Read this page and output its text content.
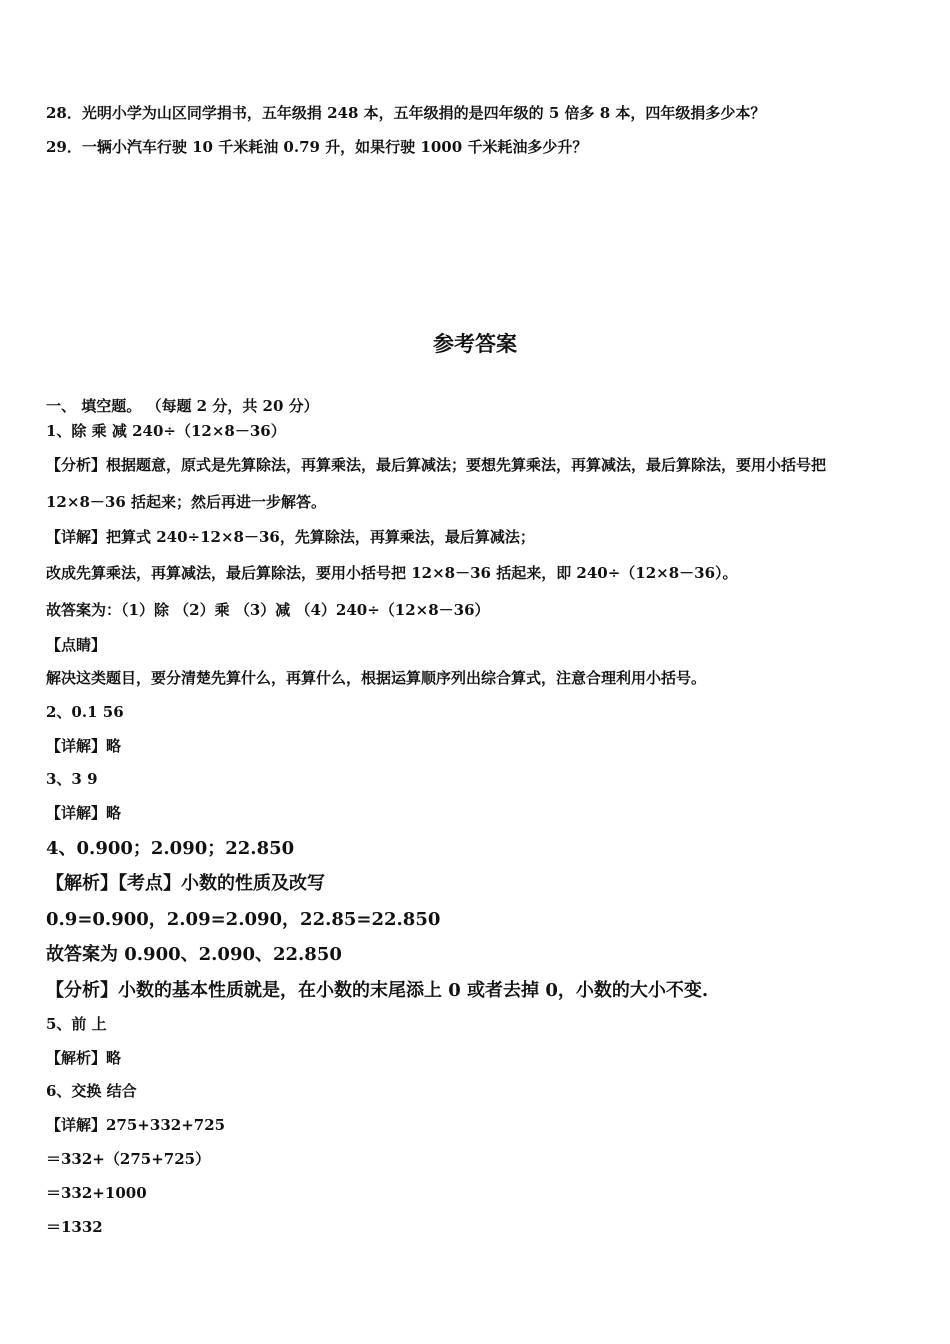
28．光明小学为山区同学捐书，五年级捐 248 本，五年级捐的是四年级的 5 倍多 8 本，四年级捐多少本？
29．一辆小汽车行驶 10 千米耗油 0.79 升，如果行驶 1000 千米耗油多少升？
参考答案
一、 填空题。 （每题 2 分，共 20 分）
1、除 乘 减 240÷（12×8－36）
【分析】根据题意，原式是先算除法，再算乘法，最后算减法；要想先算乘法，再算减法，最后算除法，要用小括号把
12×8－36 括起来；然后再进一步解答。
【详解】把算式 240÷12×8－36，先算除法，再算乘法，最后算减法；
改成先算乘法，再算减法，最后算除法，要用小括号把 12×8－36 括起来，即 240÷（12×8－36）。
故答案为：（1）除 （2）乘 （3）减 （4）240÷（12×8－36）
【点睛】
解决这类题目，要分清楚先算什么，再算什么，根据运算顺序列出综合算式，注意合理利用小括号。
2、0.1 56
【详解】略
3、3 9
【详解】略
4、0.900；2.090；22.850
【解析】【考点】小数的性质及改写
0.9=0.900，2.09=2.090，22.85=22.850
故答案为 0.900、2.090、22.850
【分析】小数的基本性质就是，在小数的末尾添上 0 或者去掉 0，小数的大小不变.
5、前 上
【解析】略
6、交换 结合
【详解】275+332+725
＝332+（275+725）
＝332+1000
＝1332
